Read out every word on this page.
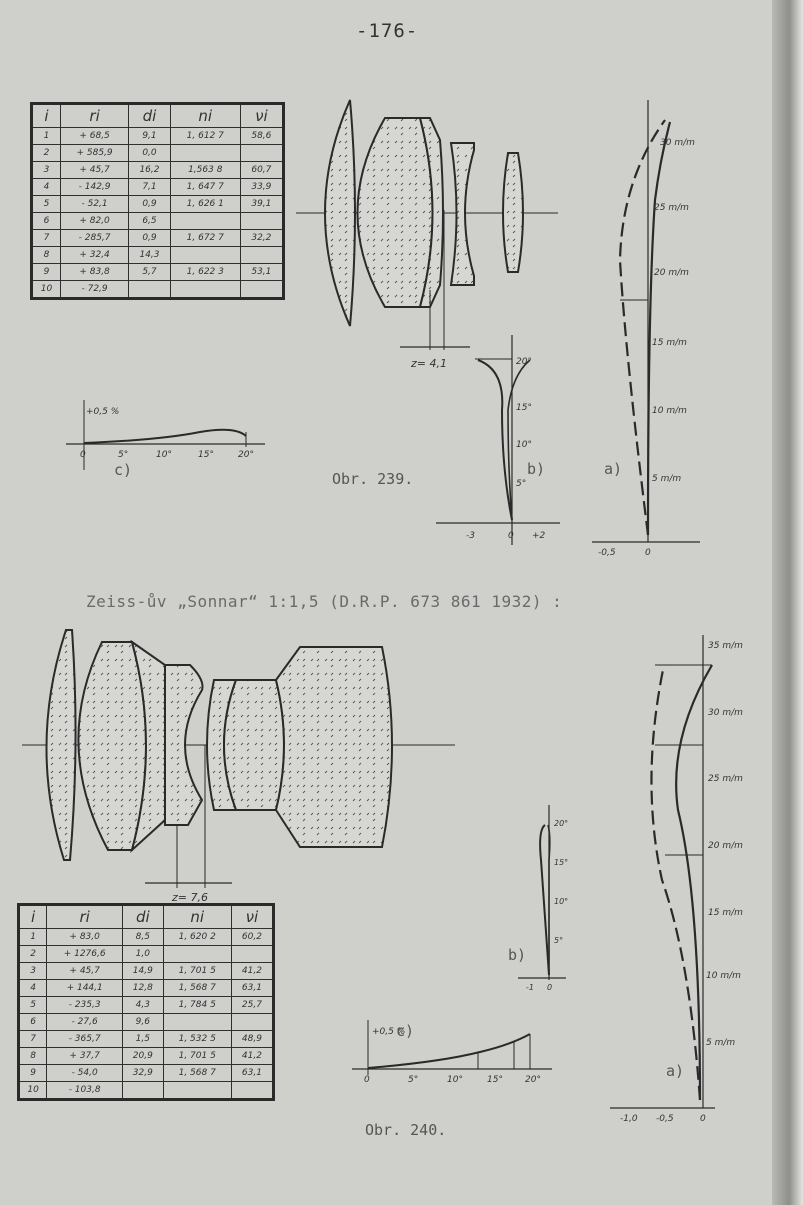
-176-
i	ri	di	ni	νi
1	+ 68,5	9,1	1, 612 7	58,6
2	+ 585,9	0,0		
3	+ 45,7	16,2	1,563 8	60,7
4	- 142,9	7,1	1, 647 7	33,9
5	- 52,1	0,9	1, 626 1	39,1
6	+ 82,0	6,5		
7	- 285,7	0,9	1, 672 7	32,2
8	+ 32,4	14,3		
9	+ 83,8	5,7	1, 622 3	53,1
10	- 72,9			
i	ri	di	ni	νi
1	+ 83,0	8,5	1, 620 2	60,2
2	+ 1276,6	1,0		
3	+ 45,7	14,9	1, 701 5	41,2
4	+ 144,1	12,8	1, 568 7	63,1
5	- 235,3	4,3	1, 784 5	25,7
6	- 27,6	9,6		
7	- 365,7	1,5	1, 532 5	48,9
8	+ 37,7	20,9	1, 701 5	41,2
9	- 54,0	32,9	1, 568 7	63,1
10	- 103,8			
Obr. 239.
Zeiss-ův „Sonnar“ 1:1,5 (D.R.P. 673 861 1932) :
Obr. 240.
z= 4,1
a)
30 m/m
25 m/m
20 m/m
15 m/m
10 m/m
5 m/m
-0,5	0
b)
20°
15°
10°
5°
-3	0 +2
+0,5 %
0	5°	10°	15°	20°
c)
z= 7,6
a)
35 m/m
30 m/m
25 m/m
20 m/m
15 m/m
10 m/m
5 m/m
-1,0 -0,5	0
b)
20°
15°
10°
5°
-1 0
+0,5 %
0	5°	10°	15° 20°
c)
